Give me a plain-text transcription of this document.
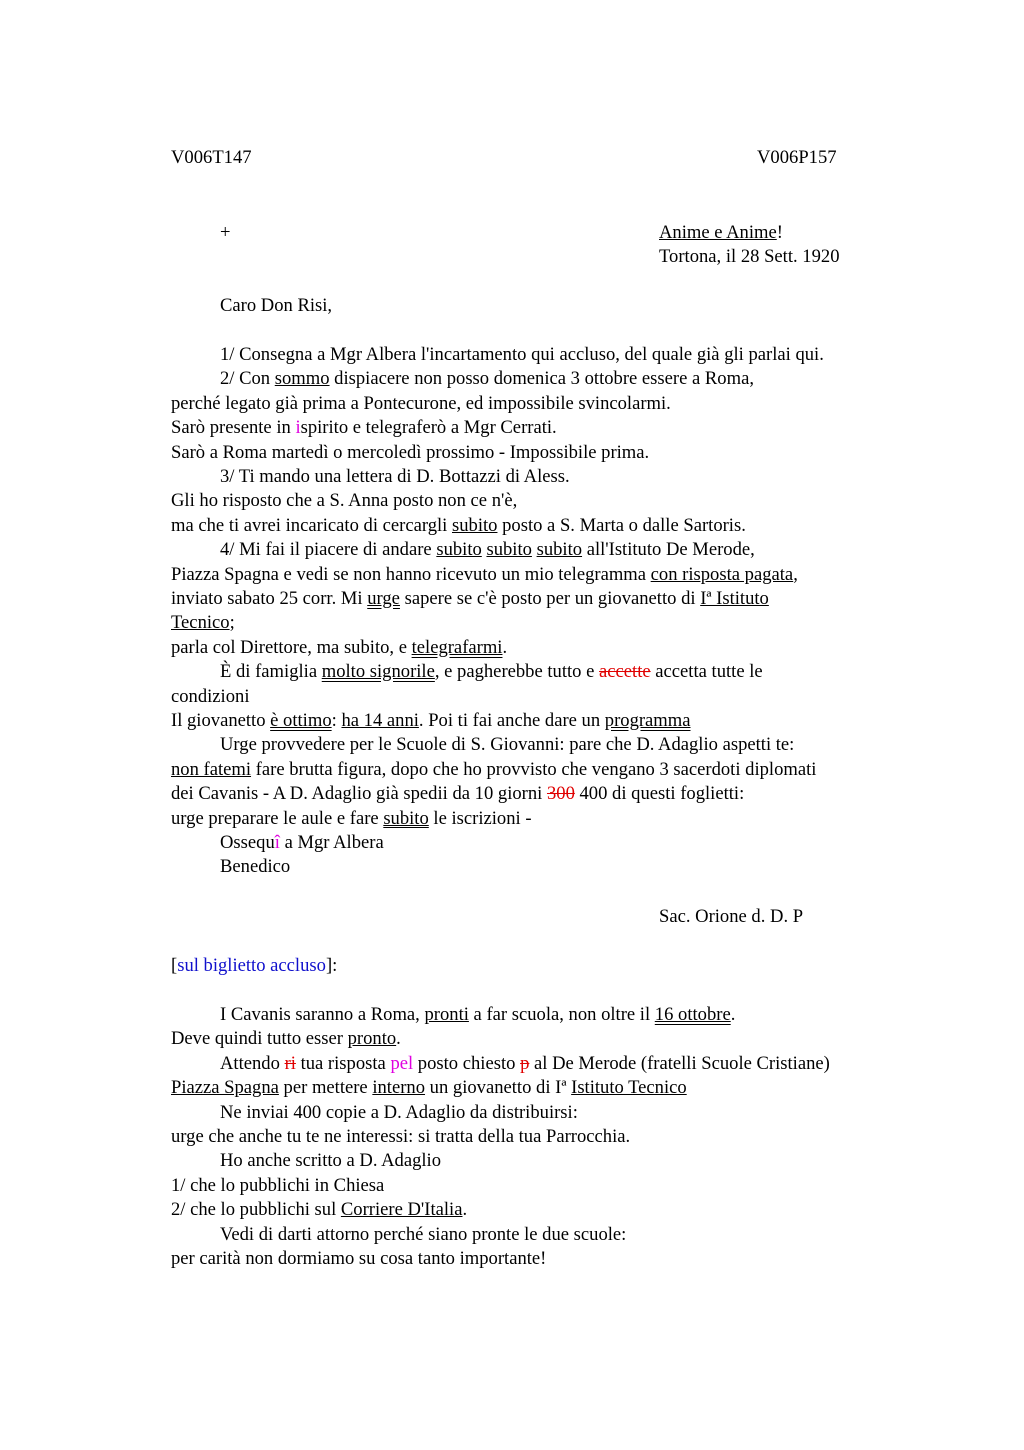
V006T147	V006P157
+	Anime e Anime!
Tortona, il 28 Sett. 1920
Caro Don Risi,
1/ Consegna a Mgr Albera l'incartamento qui accluso, del quale già gli parlai qui.
2/ Con sommo dispiacere non posso domenica 3 ottobre essere a Roma,
perché legato già prima a Pontecurone, ed impossibile svincolarmi.
Sarò presente in ispirito e telegraferò a Mgr Cerrati.
Sarò a Roma martedì o mercoledì prossimo - Impossibile prima.
3/ Ti mando una lettera di D. Bottazzi di Aless.
Gli ho risposto che a S. Anna posto non ce n'è,
ma che ti avrei incaricato di cercargli subito posto a S. Marta o dalle Sartoris.
4/ Mi fai il piacere di andare subito subito subito all'Istituto De Merode,
Piazza Spagna e vedi se non hanno ricevuto un mio telegramma con risposta pagata,
inviato sabato 25 corr. Mi urge sapere se c'è posto per un giovanetto di Iª Istituto
Tecnico;
parla col Direttore, ma subito, e telegrafarmi.
È di famiglia molto signorile, e pagherebbe tutto e accette accetta tutte le
condizioni
Il giovanetto è ottimo: ha 14 anni. Poi ti fai anche dare un programma
Urge provvedere per le Scuole di S. Giovanni: pare che D. Adaglio aspetti te:
non fatemi fare brutta figura, dopo che ho provvisto che vengano 3 sacerdoti diplomati
dei Cavanis - A D. Adaglio già spedii da 10 giorni 300 400 di questi foglietti:
urge preparare le aule e fare subito le iscrizioni -
Ossequî a Mgr Albera
Benedico
Sac. Orione d. D. P
[sul biglietto accluso]:
I Cavanis saranno a Roma, pronti a far scuola, non oltre il 16 ottobre.
Deve quindi tutto esser pronto.
Attendo ri tua risposta pel posto chiesto p al De Merode (fratelli Scuole Cristiane)
Piazza Spagna per mettere interno un giovanetto di Iª Istituto Tecnico
Ne inviai 400 copie a D. Adaglio da distribuirsi:
urge che anche tu te ne interessi: si tratta della tua Parrocchia.
Ho anche scritto a D. Adaglio
1/ che lo pubblichi in Chiesa
2/ che lo pubblichi sul Corriere D'Italia.
Vedi di darti attorno perché siano pronte le due scuole:
per carità non dormiamo su cosa tanto importante!
